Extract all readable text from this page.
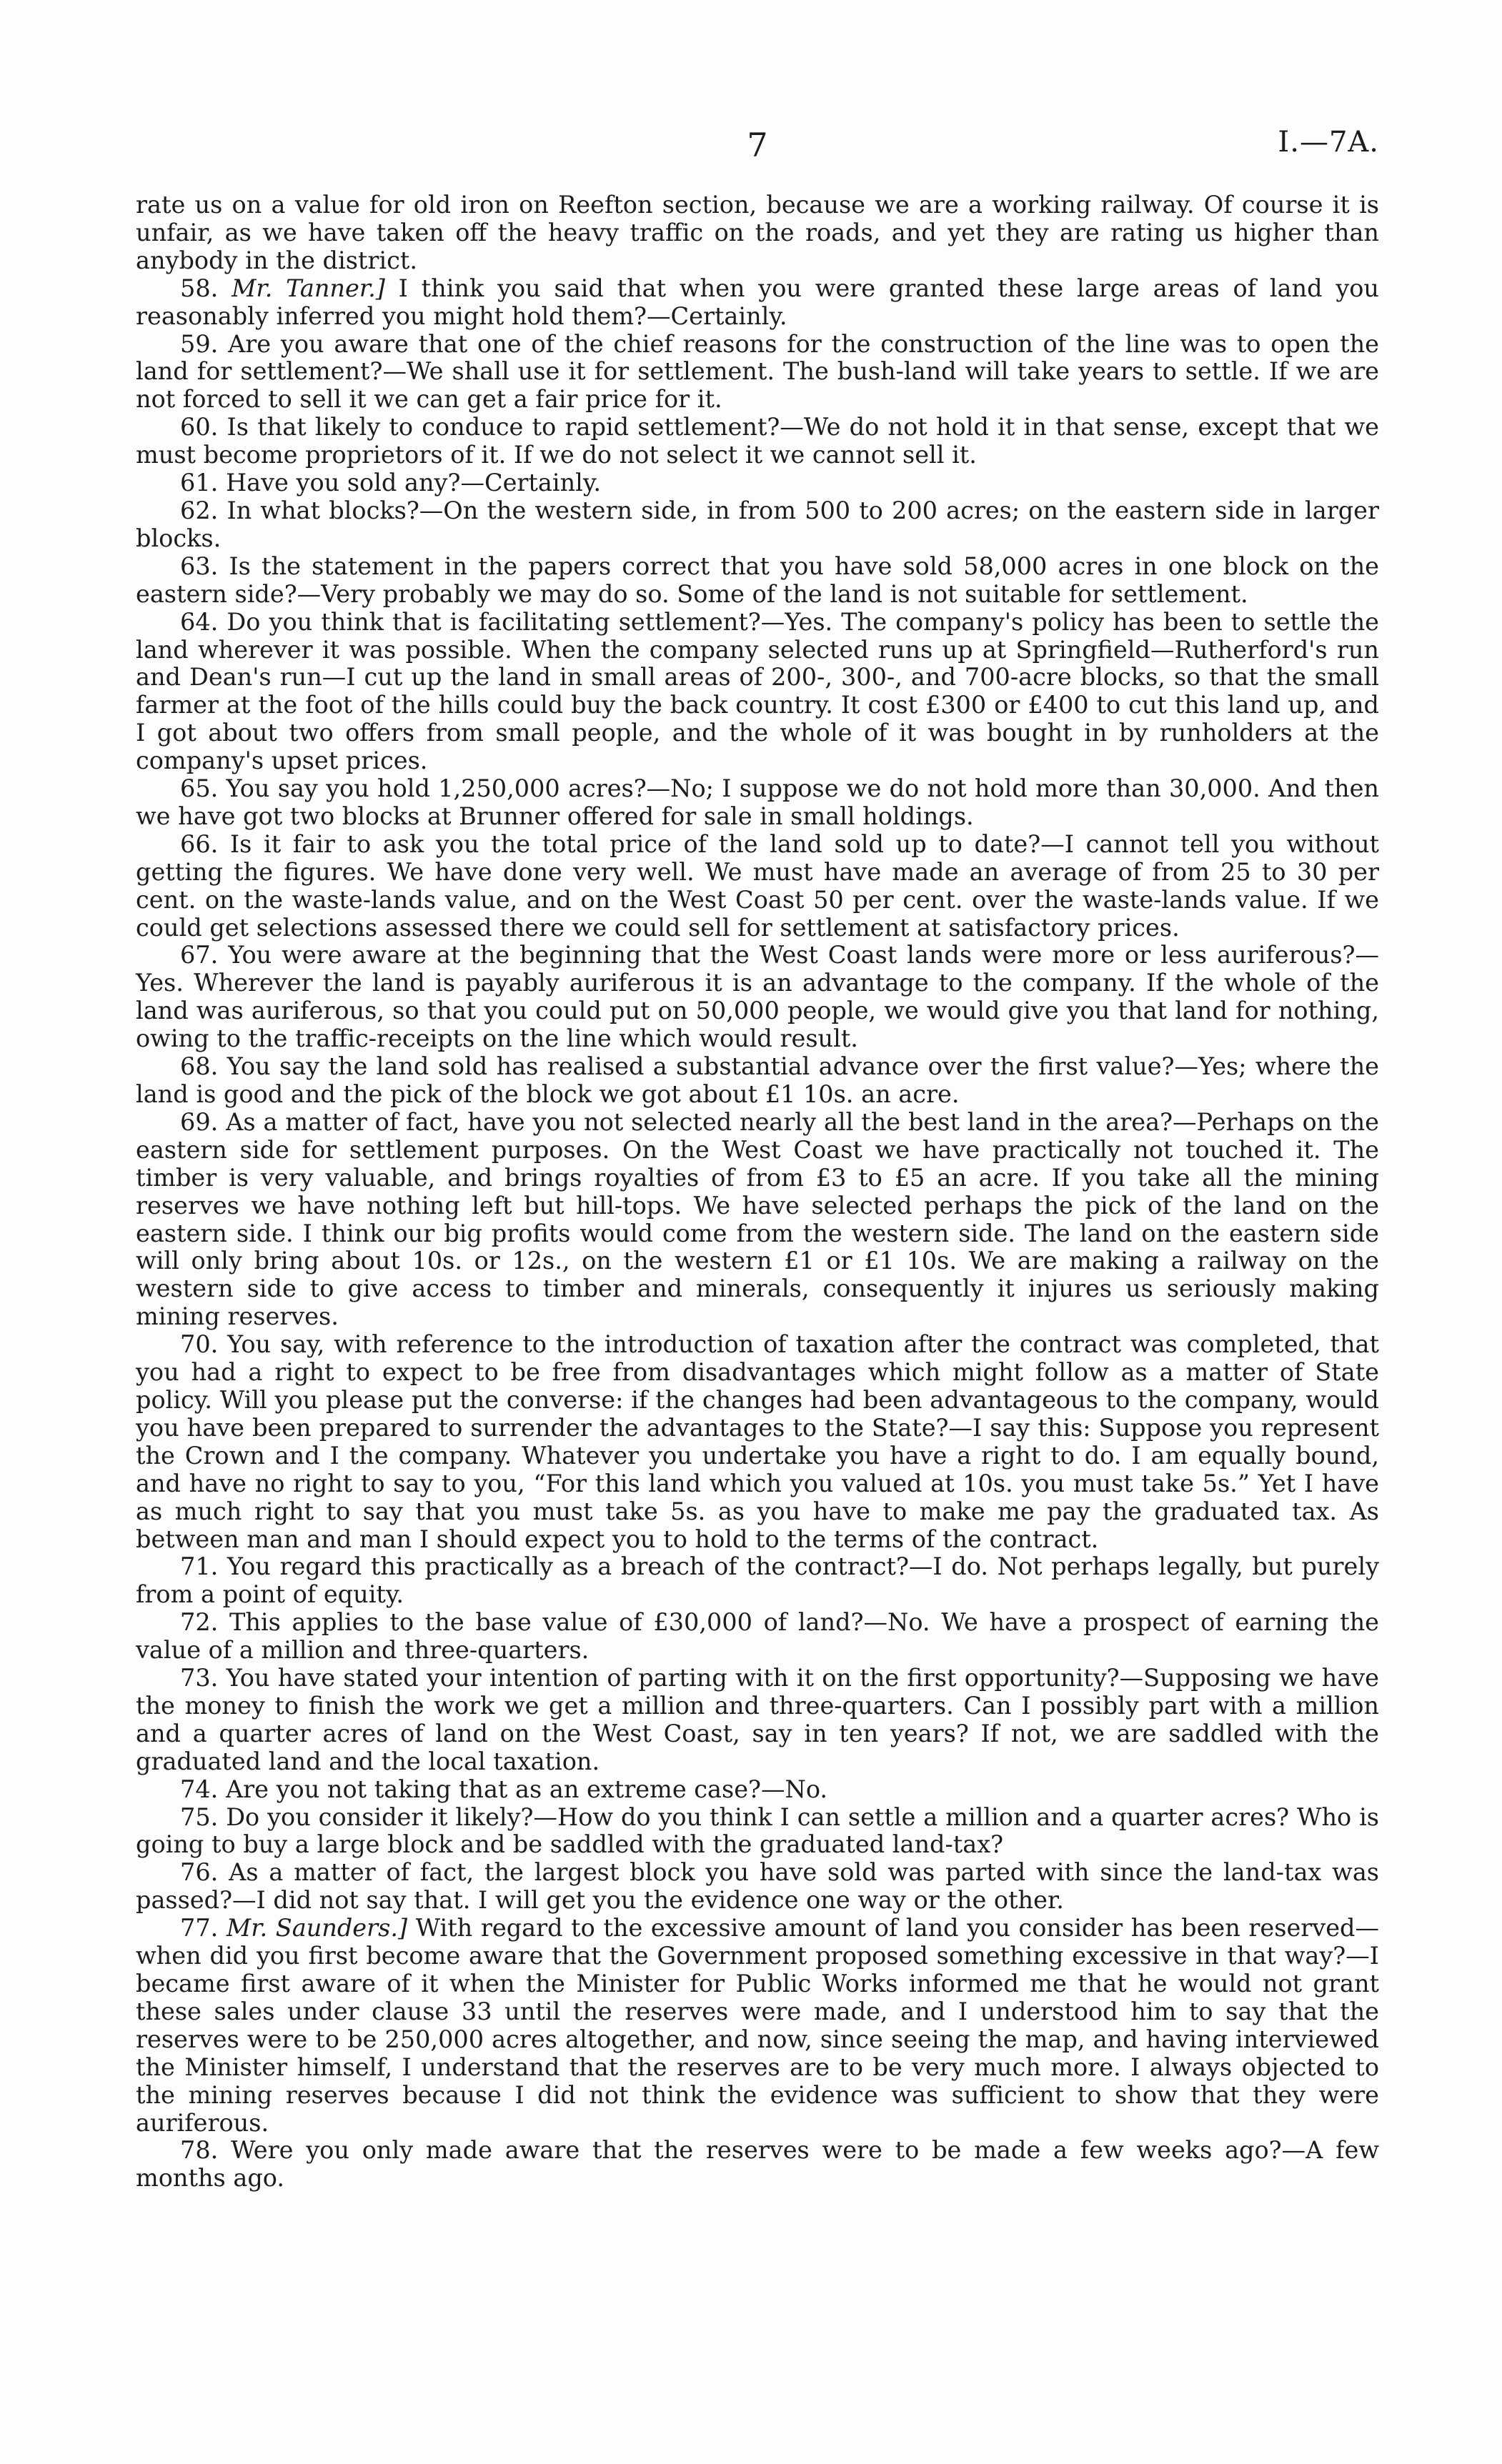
7	I.—7A.

rate us on a value for old iron on Reefton section, because we are a working railway. Of course it is unfair, as we have taken off the heavy traffic on the roads, and yet they are rating us higher than anybody in the district.

58. Mr. Tanner.] I think you said that when you were granted these large areas of land you reasonably inferred you might hold them?—Certainly.

59. Are you aware that one of the chief reasons for the construction of the line was to open the land for settlement?—We shall use it for settlement. The bush-land will take years to settle. If we are not forced to sell it we can get a fair price for it.

60. Is that likely to conduce to rapid settlement?—We do not hold it in that sense, except that we must become proprietors of it. If we do not select it we cannot sell it.

61. Have you sold any?—Certainly.

62. In what blocks?—On the western side, in from 500 to 200 acres; on the eastern side in larger blocks.

63. Is the statement in the papers correct that you have sold 58,000 acres in one block on the eastern side?—Very probably we may do so. Some of the land is not suitable for settlement.

64. Do you think that is facilitating settlement?—Yes. The company's policy has been to settle the land wherever it was possible. When the company selected runs up at Springfield—Rutherford's run and Dean's run—I cut up the land in small areas of 200-, 300-, and 700-acre blocks, so that the small farmer at the foot of the hills could buy the back country. It cost £300 or £400 to cut this land up, and I got about two offers from small people, and the whole of it was bought in by runholders at the company's upset prices.

65. You say you hold 1,250,000 acres?—No; I suppose we do not hold more than 30,000. And then we have got two blocks at Brunner offered for sale in small holdings.

66. Is it fair to ask you the total price of the land sold up to date?—I cannot tell you without getting the figures. We have done very well. We must have made an average of from 25 to 30 per cent. on the waste-lands value, and on the West Coast 50 per cent. over the waste-lands value. If we could get selections assessed there we could sell for settlement at satisfactory prices.

67. You were aware at the beginning that the West Coast lands were more or less auriferous?—Yes. Wherever the land is payably auriferous it is an advantage to the company. If the whole of the land was auriferous, so that you could put on 50,000 people, we would give you that land for nothing, owing to the traffic-receipts on the line which would result.

68. You say the land sold has realised a substantial advance over the first value?—Yes; where the land is good and the pick of the block we got about £1 10s. an acre.

69. As a matter of fact, have you not selected nearly all the best land in the area?—Perhaps on the eastern side for settlement purposes. On the West Coast we have practically not touched it. The timber is very valuable, and brings royalties of from £3 to £5 an acre. If you take all the mining reserves we have nothing left but hill-tops. We have selected perhaps the pick of the land on the eastern side. I think our big profits would come from the western side. The land on the eastern side will only bring about 10s. or 12s., on the western £1 or £1 10s. We are making a railway on the western side to give access to timber and minerals, consequently it injures us seriously making mining reserves.

70. You say, with reference to the introduction of taxation after the contract was completed, that you had a right to expect to be free from disadvantages which might follow as a matter of State policy. Will you please put the converse: if the changes had been advantageous to the company, would you have been prepared to surrender the advantages to the State?—I say this: Suppose you represent the Crown and I the company. Whatever you undertake you have a right to do. I am equally bound, and have no right to say to you, “For this land which you valued at 10s. you must take 5s.” Yet I have as much right to say that you must take 5s. as you have to make me pay the graduated tax. As between man and man I should expect you to hold to the terms of the contract.

71. You regard this practically as a breach of the contract?—I do. Not perhaps legally, but purely from a point of equity.

72. This applies to the base value of £30,000 of land?—No. We have a prospect of earning the value of a million and three-quarters.

73. You have stated your intention of parting with it on the first opportunity?—Supposing we have the money to finish the work we get a million and three-quarters. Can I possibly part with a million and a quarter acres of land on the West Coast, say in ten years? If not, we are saddled with the graduated land and the local taxation.

74. Are you not taking that as an extreme case?—No.

75. Do you consider it likely?—How do you think I can settle a million and a quarter acres? Who is going to buy a large block and be saddled with the graduated land-tax?

76. As a matter of fact, the largest block you have sold was parted with since the land-tax was passed?—I did not say that. I will get you the evidence one way or the other.

77. Mr. Saunders.] With regard to the excessive amount of land you consider has been reserved—when did you first become aware that the Government proposed something excessive in that way?—I became first aware of it when the Minister for Public Works informed me that he would not grant these sales under clause 33 until the reserves were made, and I understood him to say that the reserves were to be 250,000 acres altogether, and now, since seeing the map, and having interviewed the Minister himself, I understand that the reserves are to be very much more. I always objected to the mining reserves because I did not think the evidence was sufficient to show that they were auriferous.

78. Were you only made aware that the reserves were to be made a few weeks ago?—A few months ago.
